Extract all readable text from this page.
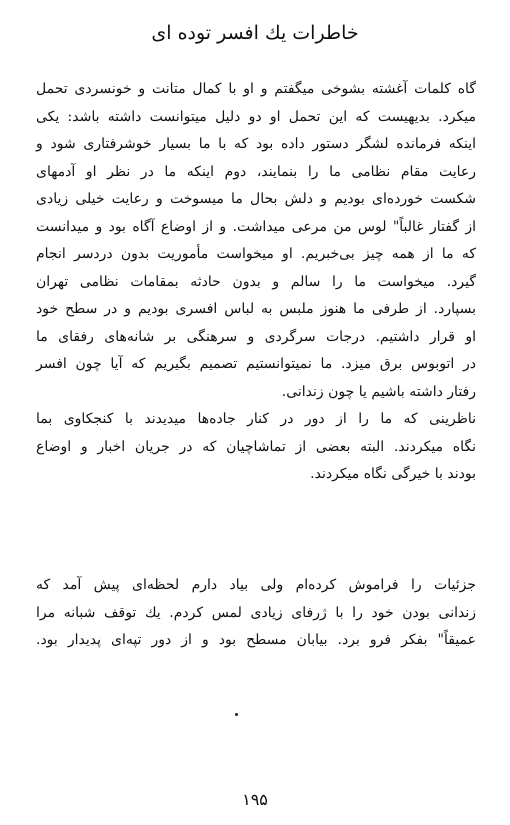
خاطرات يك افسر توده ای
گاه كلمات آغشته بشوخی میگفتم و او با كمال متانت و خونسردی تحمل
میكرد. بدیهیست كه این تحمل او دو دلیل میتوانست داشته باشد: یكی
اینكه فرمانده لشگر دستور داده بود كه با ما بسیار خوشرفتاری شود و
رعایت مقام نظامی ما را بنمایند، دوم اینكه ما در نظر او آدمهای
شكست خورده‌ای بودیم و دلش بحال ما میسوخت و رعایت خیلی زیادی
از گفتار غالباً" لوس من مرعی میداشت. و از اوضاع آگاه بود و میدانست
كه ما از همه چیز بی‌خبریم. او میخواست مأموریت بدون دردسر انجام
گیرد. میخواست ما را سالم و بدون حادثه بمقامات نظامی تهران
بسپارد. از طرفی ما هنوز ملبس به لباس افسری بودیم و در سطح خود
او قرار داشتیم. درجات سرگردی و سرهنگی بر شانه‌های رفقای ما
در اتوبوس برق میزد. ما نمیتوانستیم تصمیم بگیریم كه آیا چون افسر
رفتار داشته باشیم یا چون زندانی.
ناظرینی كه ما را از دور در كنار جاده‌ها میدیدند با كنجكاوی بما
نگاه میكردند. البته بعضی از تماشاچیان كه در جریان اخبار و اوضاع
بودند با خیرگی نگاه میكردند.
جزئیات را فراموش كرده‌ام ولی بیاد دارم لحظه‌ای پیش آمد كه
زندانی بودن خود را با ژرفای زیادی لمس كردم. یك توقف شبانه مرا
عمیقاً" بفكر فرو برد. بیابان مسطح بود و از دور تپه‌ای پدیدار بود.
۱۹۵
